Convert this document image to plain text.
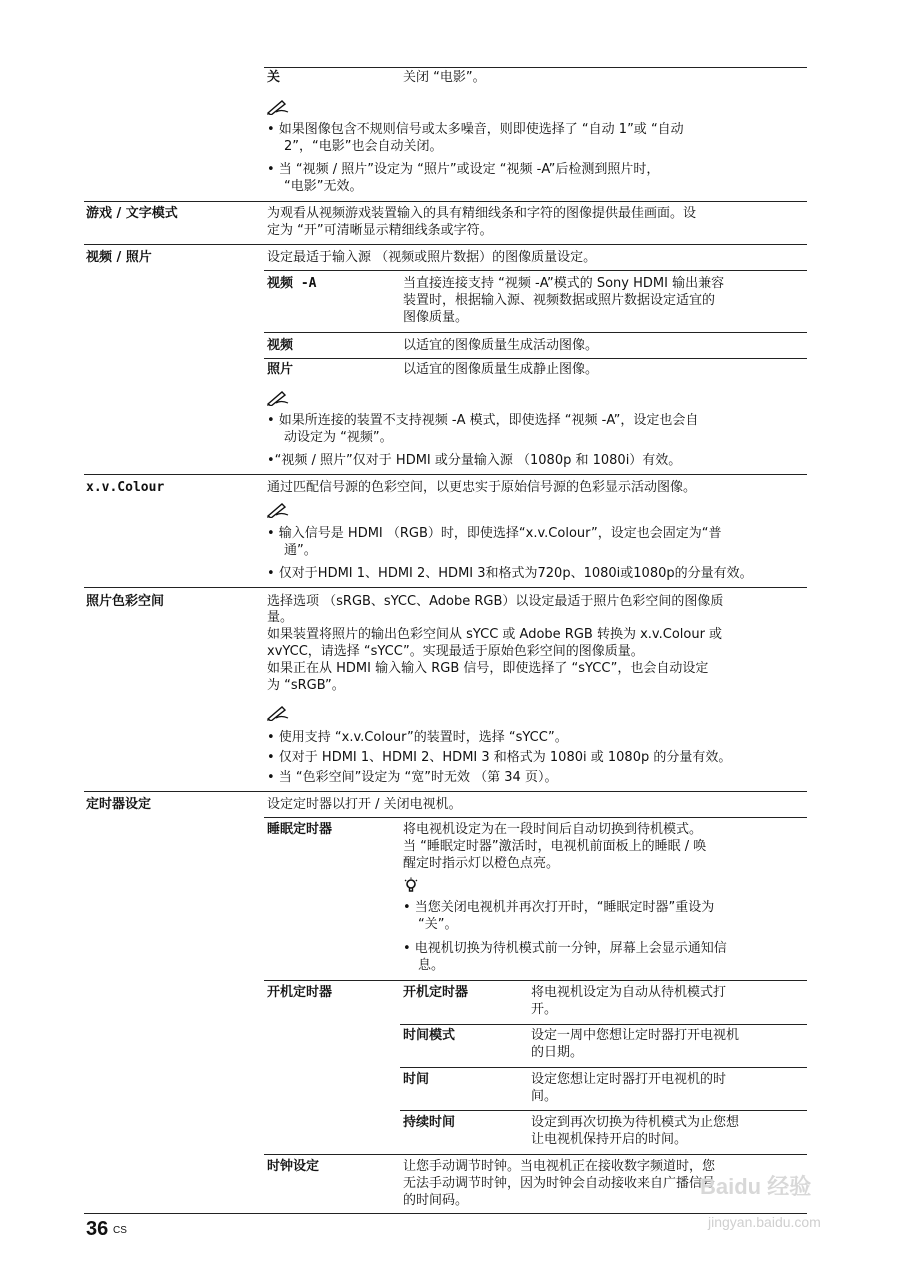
关	关闭 “电影”。
• 如果图像包含不规则信号或太多噪音，则即使选择了 “自动 1”或 “自动
2”，“电影”也会自动关闭。
• 当 “视频 / 照片”设定为 “照片”或设定 “视频 -A”后检测到照片时，
“电影”无效。
游戏 / 文字模式	为观看从视频游戏装置输入的具有精细线条和字符的图像提供最佳画面。设
定为 “开”可清晰显示精细线条或字符。
视频 / 照片	设定最适于输入源 （视频或照片数据）的图像质量设定。
视频 -A	当直接连接支持 “视频 -A”模式的 Sony HDMI 输出兼容
装置时，根据输入源、视频数据或照片数据设定适宜的
图像质量。
视频	以适宜的图像质量生成活动图像。
照片	以适宜的图像质量生成静止图像。
• 如果所连接的装置不支持视频 -A 模式，即使选择 “视频 -A”，设定也会自
动设定为 “视频”。
•“视频 / 照片”仅对于 HDMI 或分量输入源 （1080p 和 1080i）有效。
x.v.Colour	通过匹配信号源的色彩空间，以更忠实于原始信号源的色彩显示活动图像。
• 输入信号是 HDMI （RGB）时，即使选择“x.v.Colour”，设定也会固定为“普
通”。
• 仅对于HDMI 1、HDMI 2、HDMI 3和格式为720p、1080i或1080p的分量有效。
照片色彩空间	选择选项 （sRGB、sYCC、Adobe RGB）以设定最适于照片色彩空间的图像质
量。
如果装置将照片的输出色彩空间从 sYCC 或 Adobe RGB 转换为 x.v.Colour 或
xvYCC，请选择 “sYCC”。实现最适于原始色彩空间的图像质量。
如果正在从 HDMI 输入输入 RGB 信号，即使选择了 “sYCC”，也会自动设定
为 “sRGB”。
• 使用支持 “x.v.Colour”的装置时，选择 “sYCC”。
• 仅对于 HDMI 1、HDMI 2、HDMI 3 和格式为 1080i 或 1080p 的分量有效。
• 当 “色彩空间”设定为 “宽”时无效 （第 34 页）。
定时器设定	设定定时器以打开 / 关闭电视机。
睡眠定时器	将电视机设定为在一段时间后自动切换到待机模式。
当 “睡眠定时器”激活时，电视机前面板上的睡眠 / 唤
醒定时指示灯以橙色点亮。
• 当您关闭电视机并再次打开时，“睡眠定时器”重设为
“关”。
• 电视机切换为待机模式前一分钟，屏幕上会显示通知信
息。
开机定时器	开机定时器	将电视机设定为自动从待机模式打
开。
时间模式	设定一周中您想让定时器打开电视机
的日期。
时间	设定您想让定时器打开电视机的时
间。
持续时间	设定到再次切换为待机模式为止您想
让电视机保持开启的时间。
时钟设定	让您手动调节时钟。当电视机正在接收数字频道时，您
无法手动调节时钟，因为时钟会自动接收来自广播信号
的时间码。
36 CS
Baidu 经验
jingyan.baidu.com
